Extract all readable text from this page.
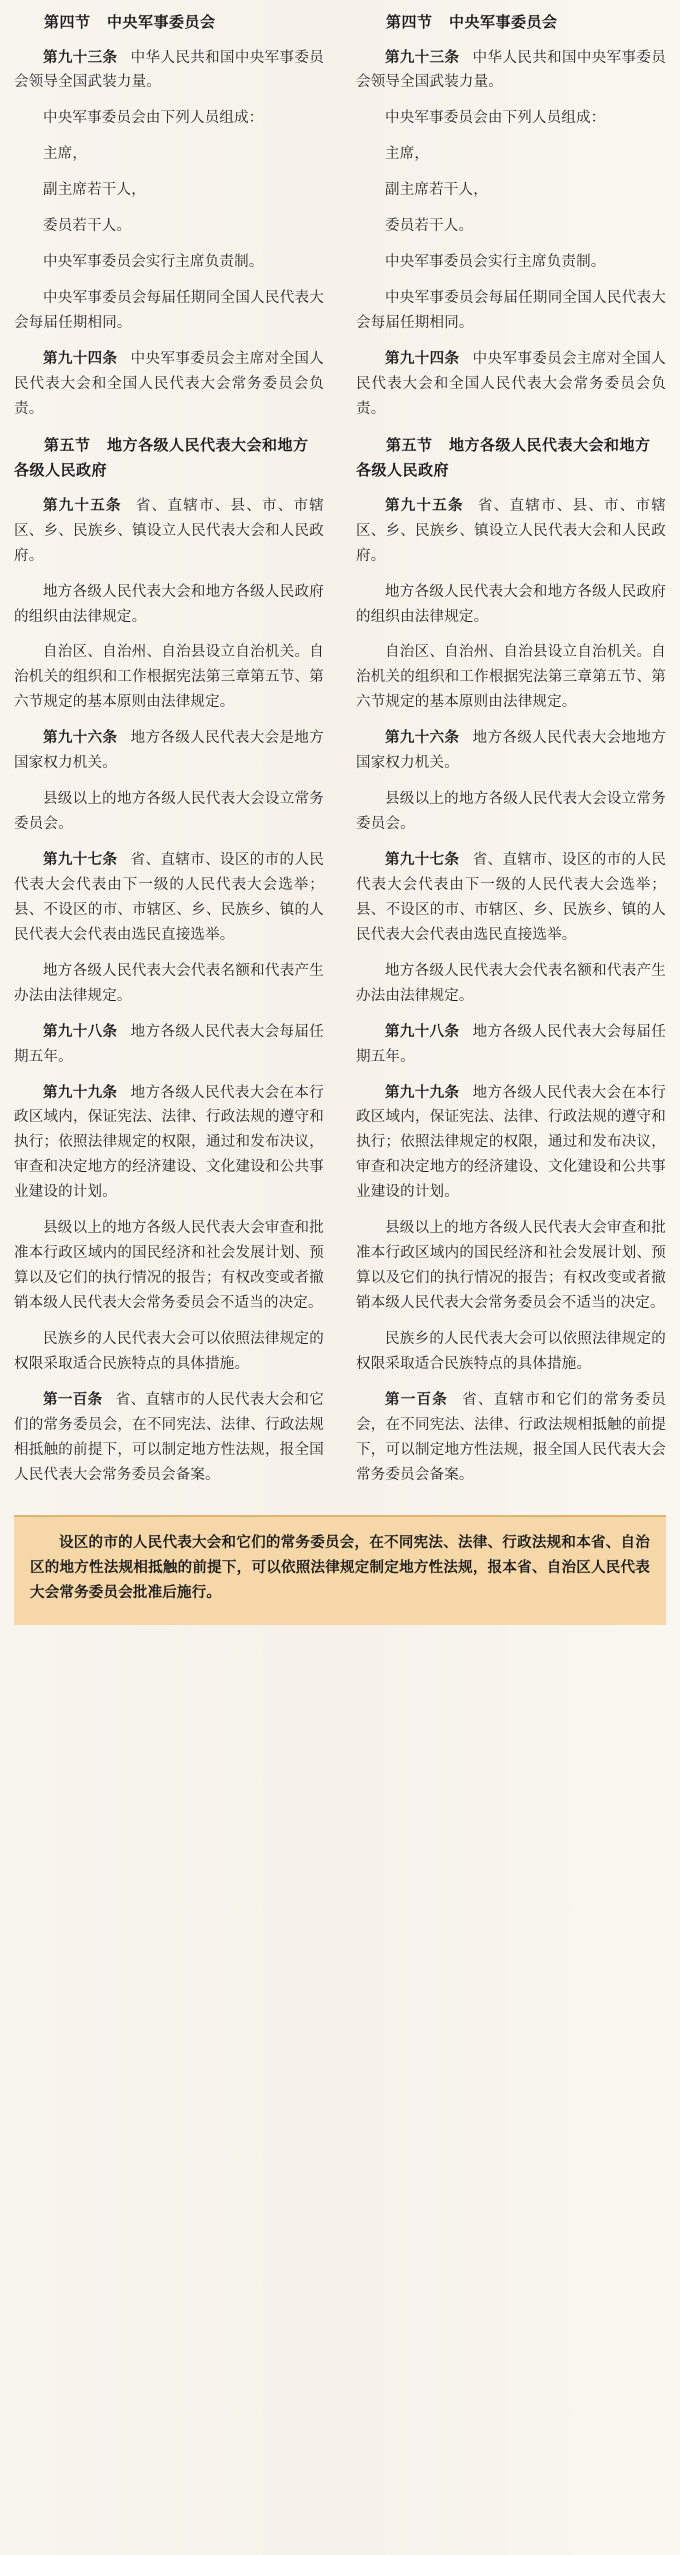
第四节 中央军事委员会

第九十三条 中华人民共和国中央军事委员会领导全国武装力量。

中央军事委员会由下列人员组成：

主席，

副主席若干人，

委员若干人。

中央军事委员会实行主席负责制。

中央军事委员会每届任期同全国人民代表大会每届任期相同。

第九十四条 中央军事委员会主席对全国人民代表大会和全国人民代表大会常务委员会负责。

第五节 地方各级人民代表大会和地方各级人民政府

第九十五条 省、直辖市、县、市、市辖区、乡、民族乡、镇设立人民代表大会和人民政府。

地方各级人民代表大会和地方各级人民政府的组织由法律规定。

自治区、自治州、自治县设立自治机关。自治机关的组织和工作根据宪法第三章第五节、第六节规定的基本原则由法律规定。

第九十六条 地方各级人民代表大会是地方国家权力机关。

县级以上的地方各级人民代表大会设立常务委员会。

第九十七条 省、直辖市、设区的市的人民代表大会代表由下一级的人民代表大会选举；县、不设区的市、市辖区、乡、民族乡、镇的人民代表大会代表由选民直接选举。

地方各级人民代表大会代表名额和代表产生办法由法律规定。

第九十八条 地方各级人民代表大会每届任期五年。

第九十九条 地方各级人民代表大会在本行政区域内，保证宪法、法律、行政法规的遵守和执行；依照法律规定的权限，通过和发布决议，审查和决定地方的经济建设、文化建设和公共事业建设的计划。

县级以上的地方各级人民代表大会审查和批准本行政区域内的国民经济和社会发展计划、预算以及它们的执行情况的报告；有权改变或者撤销本级人民代表大会常务委员会不适当的决定。

民族乡的人民代表大会可以依照法律规定的权限采取适合民族特点的具体措施。

第一百条 省、直辖市的人民代表大会和它们的常务委员会，在不同宪法、法律、行政法规相抵触的前提下，可以制定地方性法规，报全国人民代表大会常务委员会备案。

第四节 中央军事委员会

第九十三条 中华人民共和国中央军事委员会领导全国武装力量。

中央军事委员会由下列人员组成：

主席，

副主席若干人，

委员若干人。

中央军事委员会实行主席负责制。

中央军事委员会每届任期同全国人民代表大会每届任期相同。

第九十四条 中央军事委员会主席对全国人民代表大会和全国人民代表大会常务委员会负责。

第五节 地方各级人民代表大会和地方各级人民政府

第九十五条 省、直辖市、县、市、市辖区、乡、民族乡、镇设立人民代表大会和人民政府。

地方各级人民代表大会和地方各级人民政府的组织由法律规定。

自治区、自治州、自治县设立自治机关。自治机关的组织和工作根据宪法第三章第五节、第六节规定的基本原则由法律规定。

第九十六条 地方各级人民代表大会地地方国家权力机关。

县级以上的地方各级人民代表大会设立常务委员会。

第九十七条 省、直辖市、设区的市的人民代表大会代表由下一级的人民代表大会选举；县、不设区的市、市辖区、乡、民族乡、镇的人民代表大会代表由选民直接选举。

地方各级人民代表大会代表名额和代表产生办法由法律规定。

第九十八条 地方各级人民代表大会每届任期五年。

第九十九条 地方各级人民代表大会在本行政区域内，保证宪法、法律、行政法规的遵守和执行；依照法律规定的权限，通过和发布决议，审查和决定地方的经济建设、文化建设和公共事业建设的计划。

县级以上的地方各级人民代表大会审查和批准本行政区域内的国民经济和社会发展计划、预算以及它们的执行情况的报告；有权改变或者撤销本级人民代表大会常务委员会不适当的决定。

民族乡的人民代表大会可以依照法律规定的权限采取适合民族特点的具体措施。

第一百条 省、直辖市和它们的常务委员会，在不同宪法、法律、行政法规相抵触的前提下，可以制定地方性法规，报全国人民代表大会常务委员会备案。

设区的市的人民代表大会和它们的常务委员会，在不同宪法、法律、行政法规和本省、自治区的地方性法规相抵触的前提下，可以依照法律规定制定地方性法规，报本省、自治区人民代表大会常务委员会批准后施行。
